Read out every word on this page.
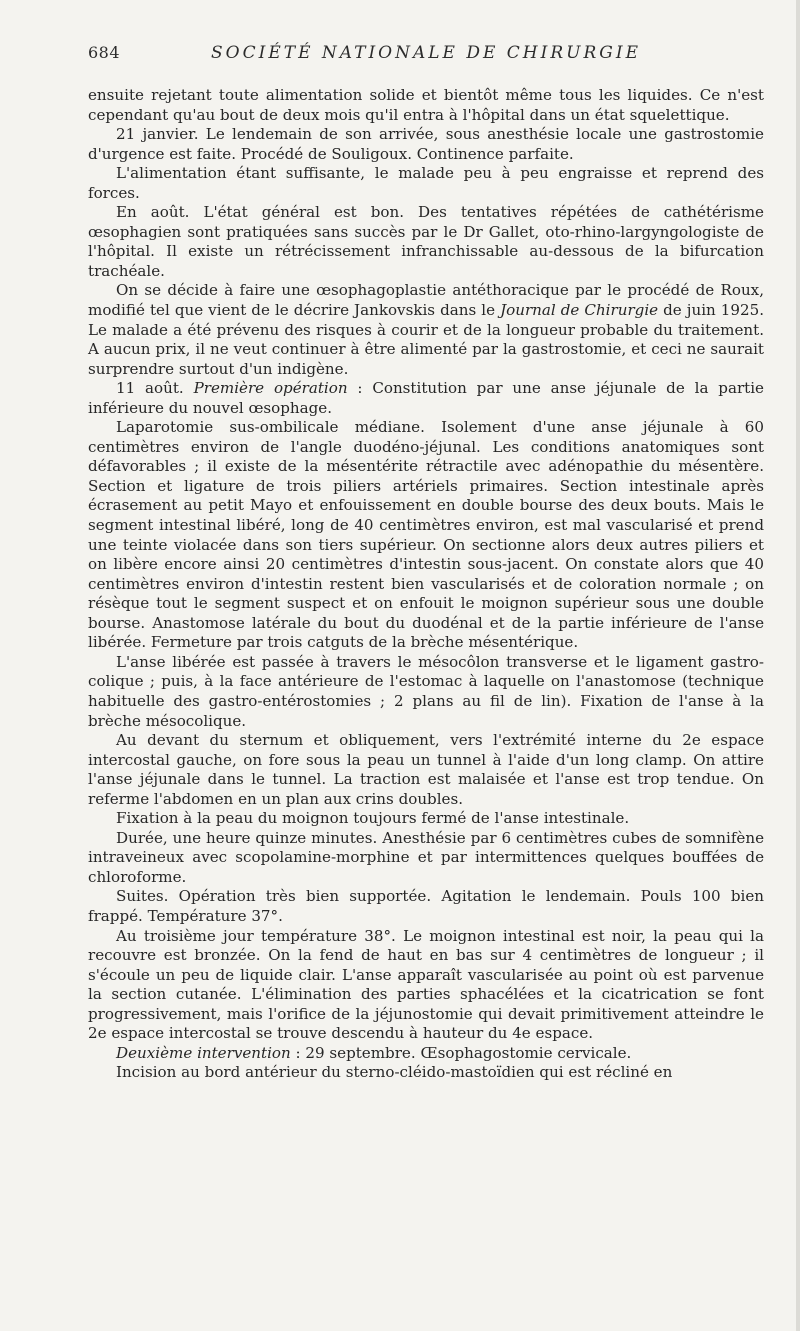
684	SOCIÉTÉ NATIONALE DE CHIRURGIE

ensuite rejetant toute alimentation solide et bientôt même tous les liquides. Ce n'est cependant qu'au bout de deux mois qu'il entra à l'hôpital dans un état squelettique.

21 janvier. Le lendemain de son arrivée, sous anesthésie locale une gastrostomie d'urgence est faite. Procédé de Souligoux. Continence parfaite.

L'alimentation étant suffisante, le malade peu à peu engraisse et reprend des forces.

En août. L'état général est bon. Des tentatives répétées de cathétérisme œsophagien sont pratiquées sans succès par le Dr Gallet, oto-rhino-largyngologiste de l'hôpital. Il existe un rétrécissement infranchissable au-dessous de la bifurcation trachéale.

On se décide à faire une œsophagoplastie antéthoracique par le procédé de Roux, modifié tel que vient de le décrire Jankovskis dans le Journal de Chirurgie de juin 1925. Le malade a été prévenu des risques à courir et de la longueur probable du traitement. A aucun prix, il ne veut continuer à être alimenté par la gastrostomie, et ceci ne saurait surprendre surtout d'un indigène.

11 août. Première opération : Constitution par une anse jéjunale de la partie inférieure du nouvel œsophage.

Laparotomie sus-ombilicale médiane. Isolement d'une anse jéjunale à 60 centimètres environ de l'angle duodéno-jéjunal. Les conditions anatomiques sont défavorables ; il existe de la mésentérite rétractile avec adénopathie du mésentère. Section et ligature de trois piliers artériels primaires. Section intestinale après écrasement au petit Mayo et enfouissement en double bourse des deux bouts. Mais le segment intestinal libéré, long de 40 centimètres environ, est mal vascularisé et prend une teinte violacée dans son tiers supérieur. On sectionne alors deux autres piliers et on libère encore ainsi 20 centimètres d'intestin sous-jacent. On constate alors que 40 centimètres environ d'intestin restent bien vascularisés et de coloration normale ; on résèque tout le segment suspect et on enfouit le moignon supérieur sous une double bourse. Anastomose latérale du bout du duodénal et de la partie inférieure de l'anse libérée. Fermeture par trois catguts de la brèche mésentérique.

L'anse libérée est passée à travers le mésocôlon transverse et le ligament gastro-colique ; puis, à la face antérieure de l'estomac à laquelle on l'anastomose (technique habituelle des gastro-entérostomies ; 2 plans au fil de lin). Fixation de l'anse à la brèche mésocolique.

Au devant du sternum et obliquement, vers l'extrémité interne du 2e espace intercostal gauche, on fore sous la peau un tunnel à l'aide d'un long clamp. On attire l'anse jéjunale dans le tunnel. La traction est malaisée et l'anse est trop tendue. On referme l'abdomen en un plan aux crins doubles.

Fixation à la peau du moignon toujours fermé de l'anse intestinale.

Durée, une heure quinze minutes. Anesthésie par 6 centimètres cubes de somnifène intraveineux avec scopolamine-morphine et par intermittences quelques bouffées de chloroforme.

Suites. Opération très bien supportée. Agitation le lendemain. Pouls 100 bien frappé. Température 37°.

Au troisième jour température 38°. Le moignon intestinal est noir, la peau qui la recouvre est bronzée. On la fend de haut en bas sur 4 centimètres de longueur ; il s'écoule un peu de liquide clair. L'anse apparaît vascularisée au point où est parvenue la section cutanée. L'élimination des parties sphacélées et la cicatrication se font progressivement, mais l'orifice de la jéjunostomie qui devait primitivement atteindre le 2e espace intercostal se trouve descendu à hauteur du 4e espace.

Deuxième intervention : 29 septembre. Œsophagostomie cervicale.

Incision au bord antérieur du sterno-cléido-mastoïdien qui est récliné en
